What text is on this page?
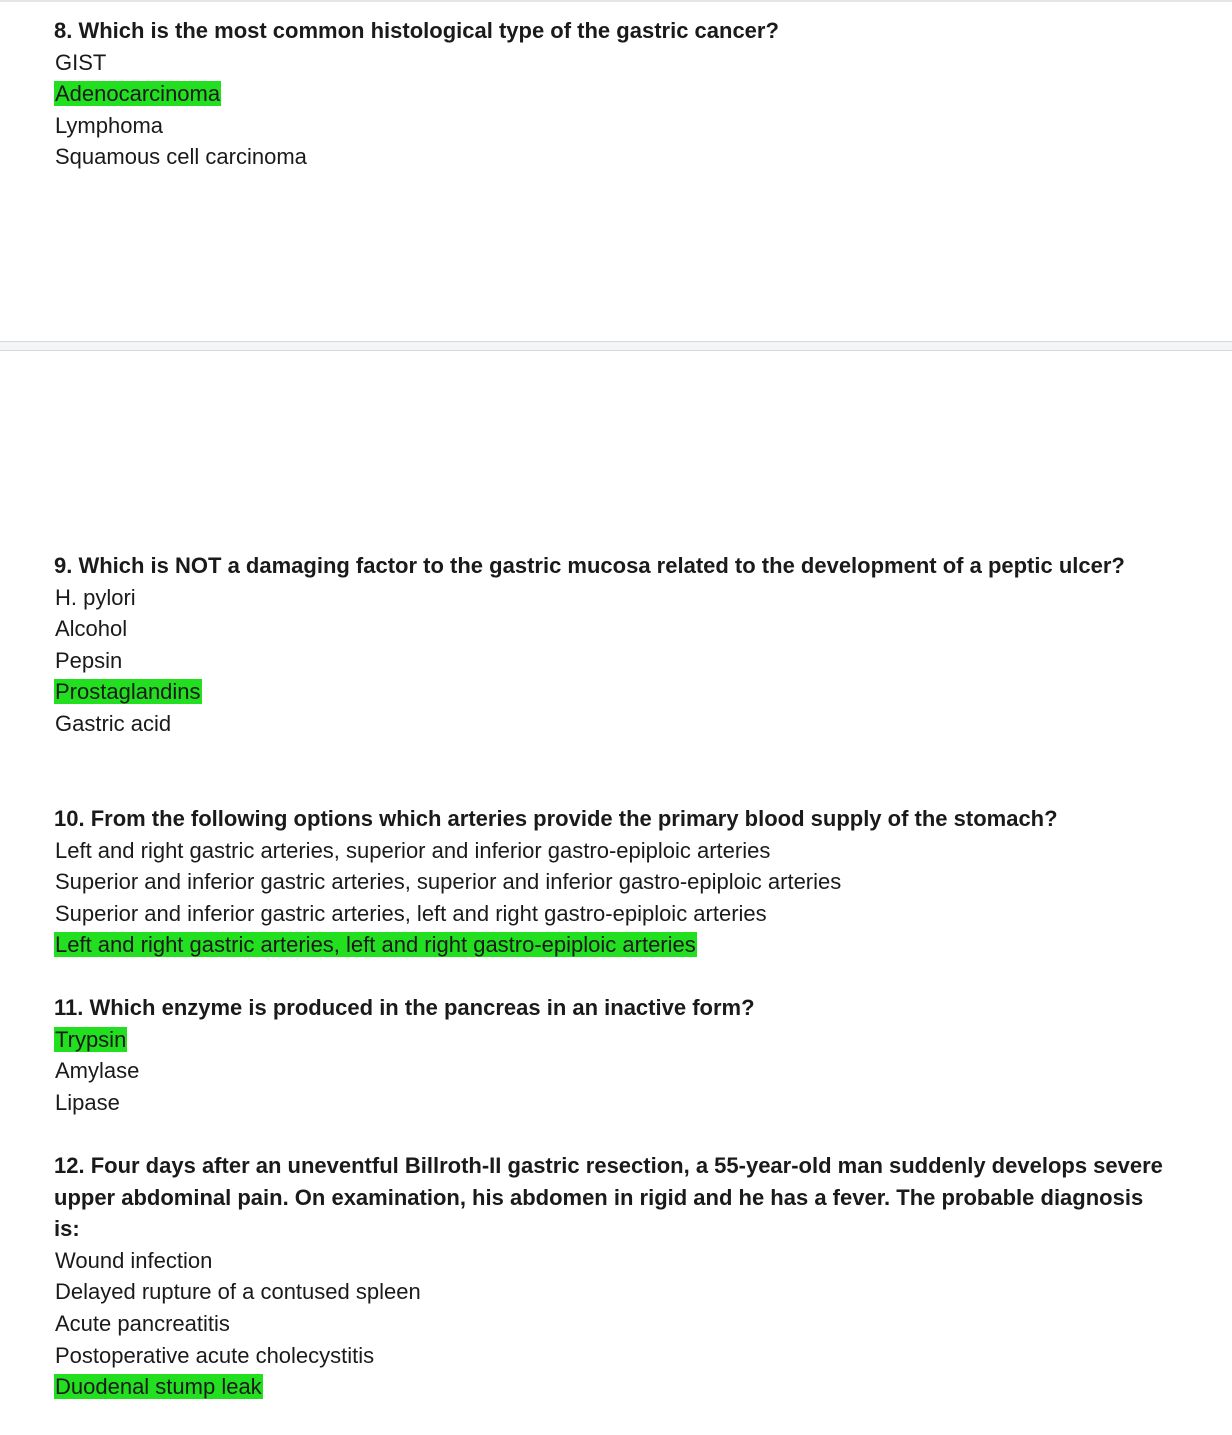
8. Which is the most common histological type of the gastric cancer?

GIST
Adenocarcinoma
Lymphoma
Squamous cell carcinoma

9. Which is NOT a damaging factor to the gastric mucosa related to the development of a peptic ulcer?

H. pylori
Alcohol
Pepsin
Prostaglandins
Gastric acid

10. From the following options which arteries provide the primary blood supply of the stomach?

Left and right gastric arteries, superior and inferior gastro-epiploic arteries
Superior and inferior gastric arteries, superior and inferior gastro-epiploic arteries
Superior and inferior gastric arteries, left and right gastro-epiploic arteries
Left and right gastric arteries, left and right gastro-epiploic arteries

11. Which enzyme is produced in the pancreas in an inactive form?

Trypsin
Amylase
Lipase

12. Four days after an uneventful Billroth-II gastric resection, a 55-year-old man suddenly develops severe upper abdominal pain. On examination, his abdomen in rigid and he has a fever. The probable diagnosis is:

Wound infection
Delayed rupture of a contused spleen
Acute pancreatitis
Postoperative acute cholecystitis
Duodenal stump leak
